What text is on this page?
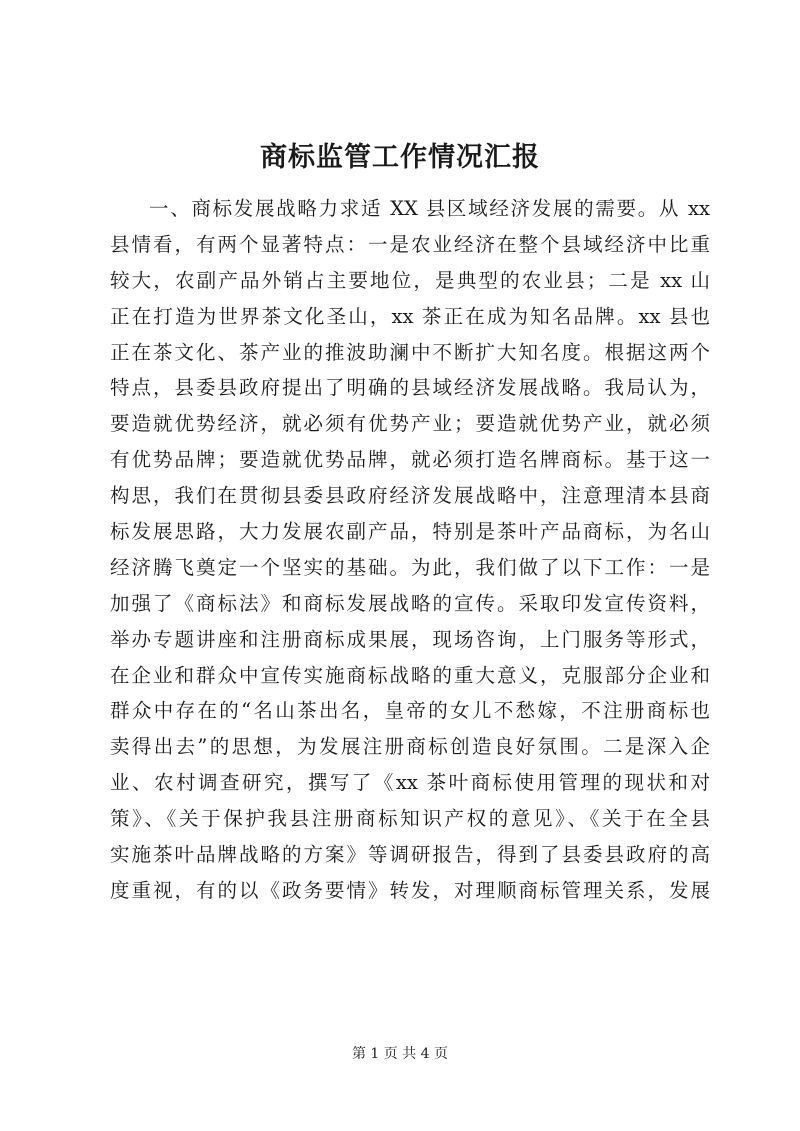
商标监管工作情况汇报
一、商标发展战略力求适 XX 县区域经济发展的需要。从 xx
县情看，有两个显著特点：一是农业经济在整个县域经济中比重
较大，农副产品外销占主要地位，是典型的农业县；二是 xx 山
正在打造为世界茶文化圣山，xx 茶正在成为知名品牌。xx 县也
正在茶文化、茶产业的推波助澜中不断扩大知名度。根据这两个
特点，县委县政府提出了明确的县域经济发展战略。我局认为，
要造就优势经济，就必须有优势产业；要造就优势产业，就必须
有优势品牌；要造就优势品牌，就必须打造名牌商标。基于这一
构思，我们在贯彻县委县政府经济发展战略中，注意理清本县商
标发展思路，大力发展农副产品，特别是茶叶产品商标，为名山
经济腾飞奠定一个坚实的基础。为此，我们做了以下工作：一是
加强了《商标法》和商标发展战略的宣传。采取印发宣传资料，
举办专题讲座和注册商标成果展，现场咨询，上门服务等形式，
在企业和群众中宣传实施商标战略的重大意义，克服部分企业和
群众中存在的“名山茶出名，皇帝的女儿不愁嫁，不注册商标也
卖得出去”的思想，为发展注册商标创造良好氛围。二是深入企
业、农村调查研究，撰写了《xx 茶叶商标使用管理的现状和对
策》、《关于保护我县注册商标知识产权的意见》、《关于在全县
实施茶叶品牌战略的方案》等调研报告，得到了县委县政府的高
度重视，有的以《政务要情》转发，对理顺商标管理关系，发展
第 1 页 共 4 页
